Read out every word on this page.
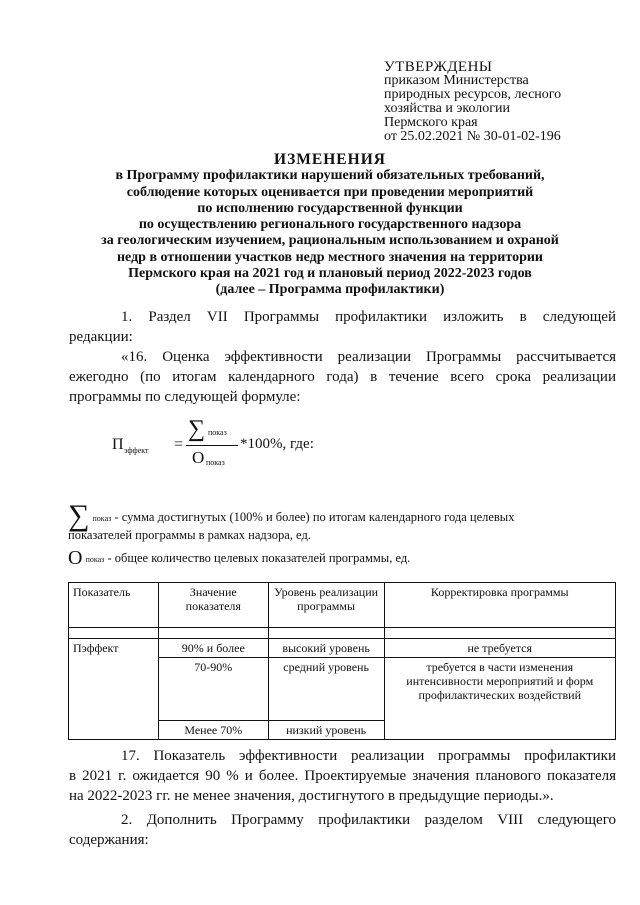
УТВЕРЖДЕНЫ
приказом Министерства
природных ресурсов, лесного
хозяйства и экологии
Пермского края
от 25.02.2021 № 30-01-02-196
ИЗМЕНЕНИЯ
в Программу профилактики нарушений обязательных требований,
соблюдение которых оценивается при проведении мероприятий
по исполнению государственной функции
по осуществлению регионального государственного надзора
за геологическим изучением, рациональным использованием и охраной
недр в отношении участков недр местного значения на территории
Пермского края на 2021 год и плановый период 2022-2023 годов
(далее – Программа профилактики)
1. Раздел VII Программы профилактики изложить в следующей
редакции:
«16. Оценка эффективности реализации Программы рассчитывается
ежегодно (по итогам календарного года) в течение всего срока реализации
программы по следующей формуле:
П эффект =
∑ показ
О показ
*100%, где:
∑ показ - сумма достигнутых (100% и более) по итогам календарного года целевых
показателей программы в рамках надзора, ед.
О показ - общее количество целевых показателей программы, ед.
Показатель	Значение показателя	Уровень реализации программы	Корректировка программы

Пэффект	90% и более	высокий уровень	не требуется
	70-90%	средний уровень	требуется в части изменения интенсивности мероприятий и форм профилактических воздействий
	Менее 70%	низкий уровень	
17. Показатель эффективности реализации программы профилактики
в 2021 г. ожидается 90 % и более. Проектируемые значения планового показателя
на 2022-2023 гг. не менее значения, достигнутого в предыдущие периоды.».
2. Дополнить Программу профилактики разделом VIII следующего
содержания:
